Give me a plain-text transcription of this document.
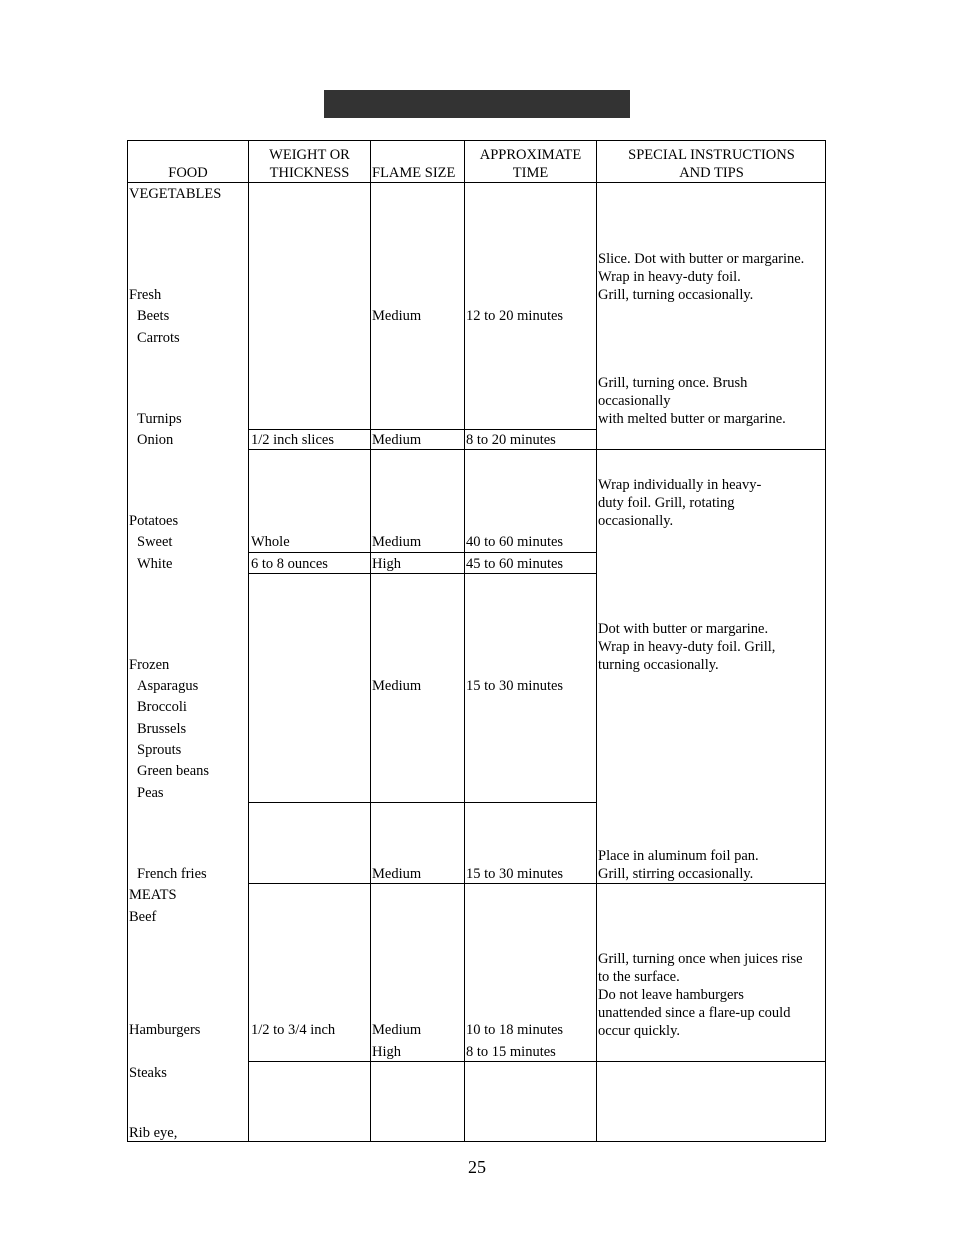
FOOD
WEIGHT OR
THICKNESS	FLAME SIZE
APPROXIMATE
TIME
SPECIAL INSTRUCTIONS
AND TIPS
VEGETABLES
Fresh
Beets
Carrots
Turnips
Onion
Potatoes
Sweet
White
Frozen
Asparagus
Broccoli
Brussels
Sprouts
Green beans
Peas
French fries
MEATS
Beef
Hamburgers
Steaks
Rib eye,
1/2 inch slices
Whole
6 to 8 ounces
1/2 to 3/4 inch
Medium
Medium
Medium
High
Medium
Medium
Medium
High
12 to 20 minutes
8 to 20 minutes
40 to 60 minutes
45 to 60 minutes
15 to 30 minutes
15 to 30 minutes
10 to 18 minutes
8 to 15 minutes
Slice. Dot with butter or margarine.
Wrap in heavy-duty foil.
Grill, turning occasionally.
Grill, turning once. Brush
occasionally
with melted butter or margarine.
Wrap individually in heavy-
duty foil. Grill, rotating
occasionally.
Dot with butter or margarine.
Wrap in heavy-duty foil. Grill,
turning occasionally.
Place in aluminum foil pan.
Grill, stirring occasionally.
Grill, turning once when juices rise
to the surface.
Do not leave hamburgers
unattended since a flare-up could
occur quickly.
25
